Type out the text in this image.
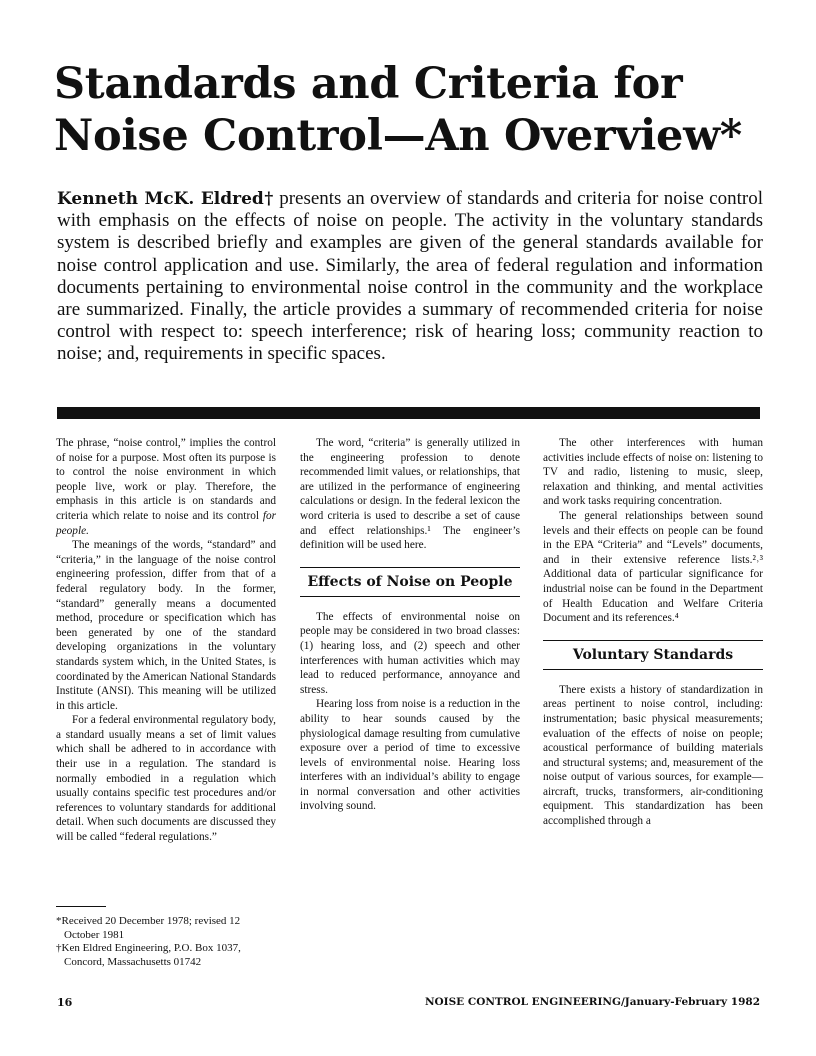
Standards and Criteria for Noise Control—An Overview*

Kenneth McK. Eldred† presents an overview of standards and criteria for noise control with emphasis on the effects of noise on people. The activity in the voluntary standards system is described briefly and examples are given of the general standards available for noise control application and use. Similarly, the area of federal regulation and information documents pertaining to environmental noise control in the community and the workplace are summarized. Finally, the article provides a summary of recommended criteria for noise control with respect to: speech interference; risk of hearing loss; community reaction to noise; and, requirements in specific spaces.

The phrase, “noise control,” implies the control of noise for a purpose. Most often its purpose is to control the noise environment in which people live, work or play. Therefore, the emphasis in this article is on standards and criteria which relate to noise and its control for people.

The meanings of the words, “standard” and “criteria,” in the language of the noise control engineering profession, differ from that of a federal regulatory body. In the former, “standard” generally means a documented method, procedure or specification which has been generated by one of the standard developing organizations in the voluntary standards system which, in the United States, is coordinated by the American National Standards Institute (ANSI). This meaning will be utilized in this article.

For a federal environmental regulatory body, a standard usually means a set of limit values which shall be adhered to in accordance with their use in a regulation. The standard is normally embodied in a regulation which usually contains specific test procedures and/or references to voluntary standards for additional detail. When such documents are discussed they will be called “federal regulations.”

The word, “criteria” is generally utilized in the engineering profession to denote recommended limit values, or relationships, that are utilized in the performance of engineering calculations or design. In the federal lexicon the word criteria is used to describe a set of cause and effect relationships.¹ The engineer’s definition will be used here.

Effects of Noise on People

The effects of environmental noise on people may be considered in two broad classes: (1) hearing loss, and (2) speech and other interferences with human activities which may lead to reduced performance, annoyance and stress.

Hearing loss from noise is a reduction in the ability to hear sounds caused by the physiological damage resulting from cumulative exposure over a period of time to excessive levels of environmental noise. Hearing loss interferes with an individual’s ability to engage in normal conversation and other activities involving sound.

The other interferences with human activities include effects of noise on: listening to TV and radio, listening to music, sleep, relaxation and thinking, and mental activities and work tasks requiring concentration.

The general relationships between sound levels and their effects on people can be found in the EPA “Criteria” and “Levels” documents, and in their extensive reference lists.²˒³ Additional data of particular significance for industrial noise can be found in the Department of Health Education and Welfare Criteria Document and its references.⁴

Voluntary Standards

There exists a history of standardization in areas pertinent to noise control, including: instrumentation; basic physical measurements; evaluation of the effects of noise on people; acoustical performance of building materials and structural systems; and, measurement of the noise output of various sources, for example—aircraft, trucks, transformers, air-conditioning equipment. This standardization has been accomplished through a

*Received 20 December 1978; revised 12 October 1981
†Ken Eldred Engineering, P.O. Box 1037, Concord, Massachusetts 01742
16	NOISE CONTROL ENGINEERING/January-February 1982
